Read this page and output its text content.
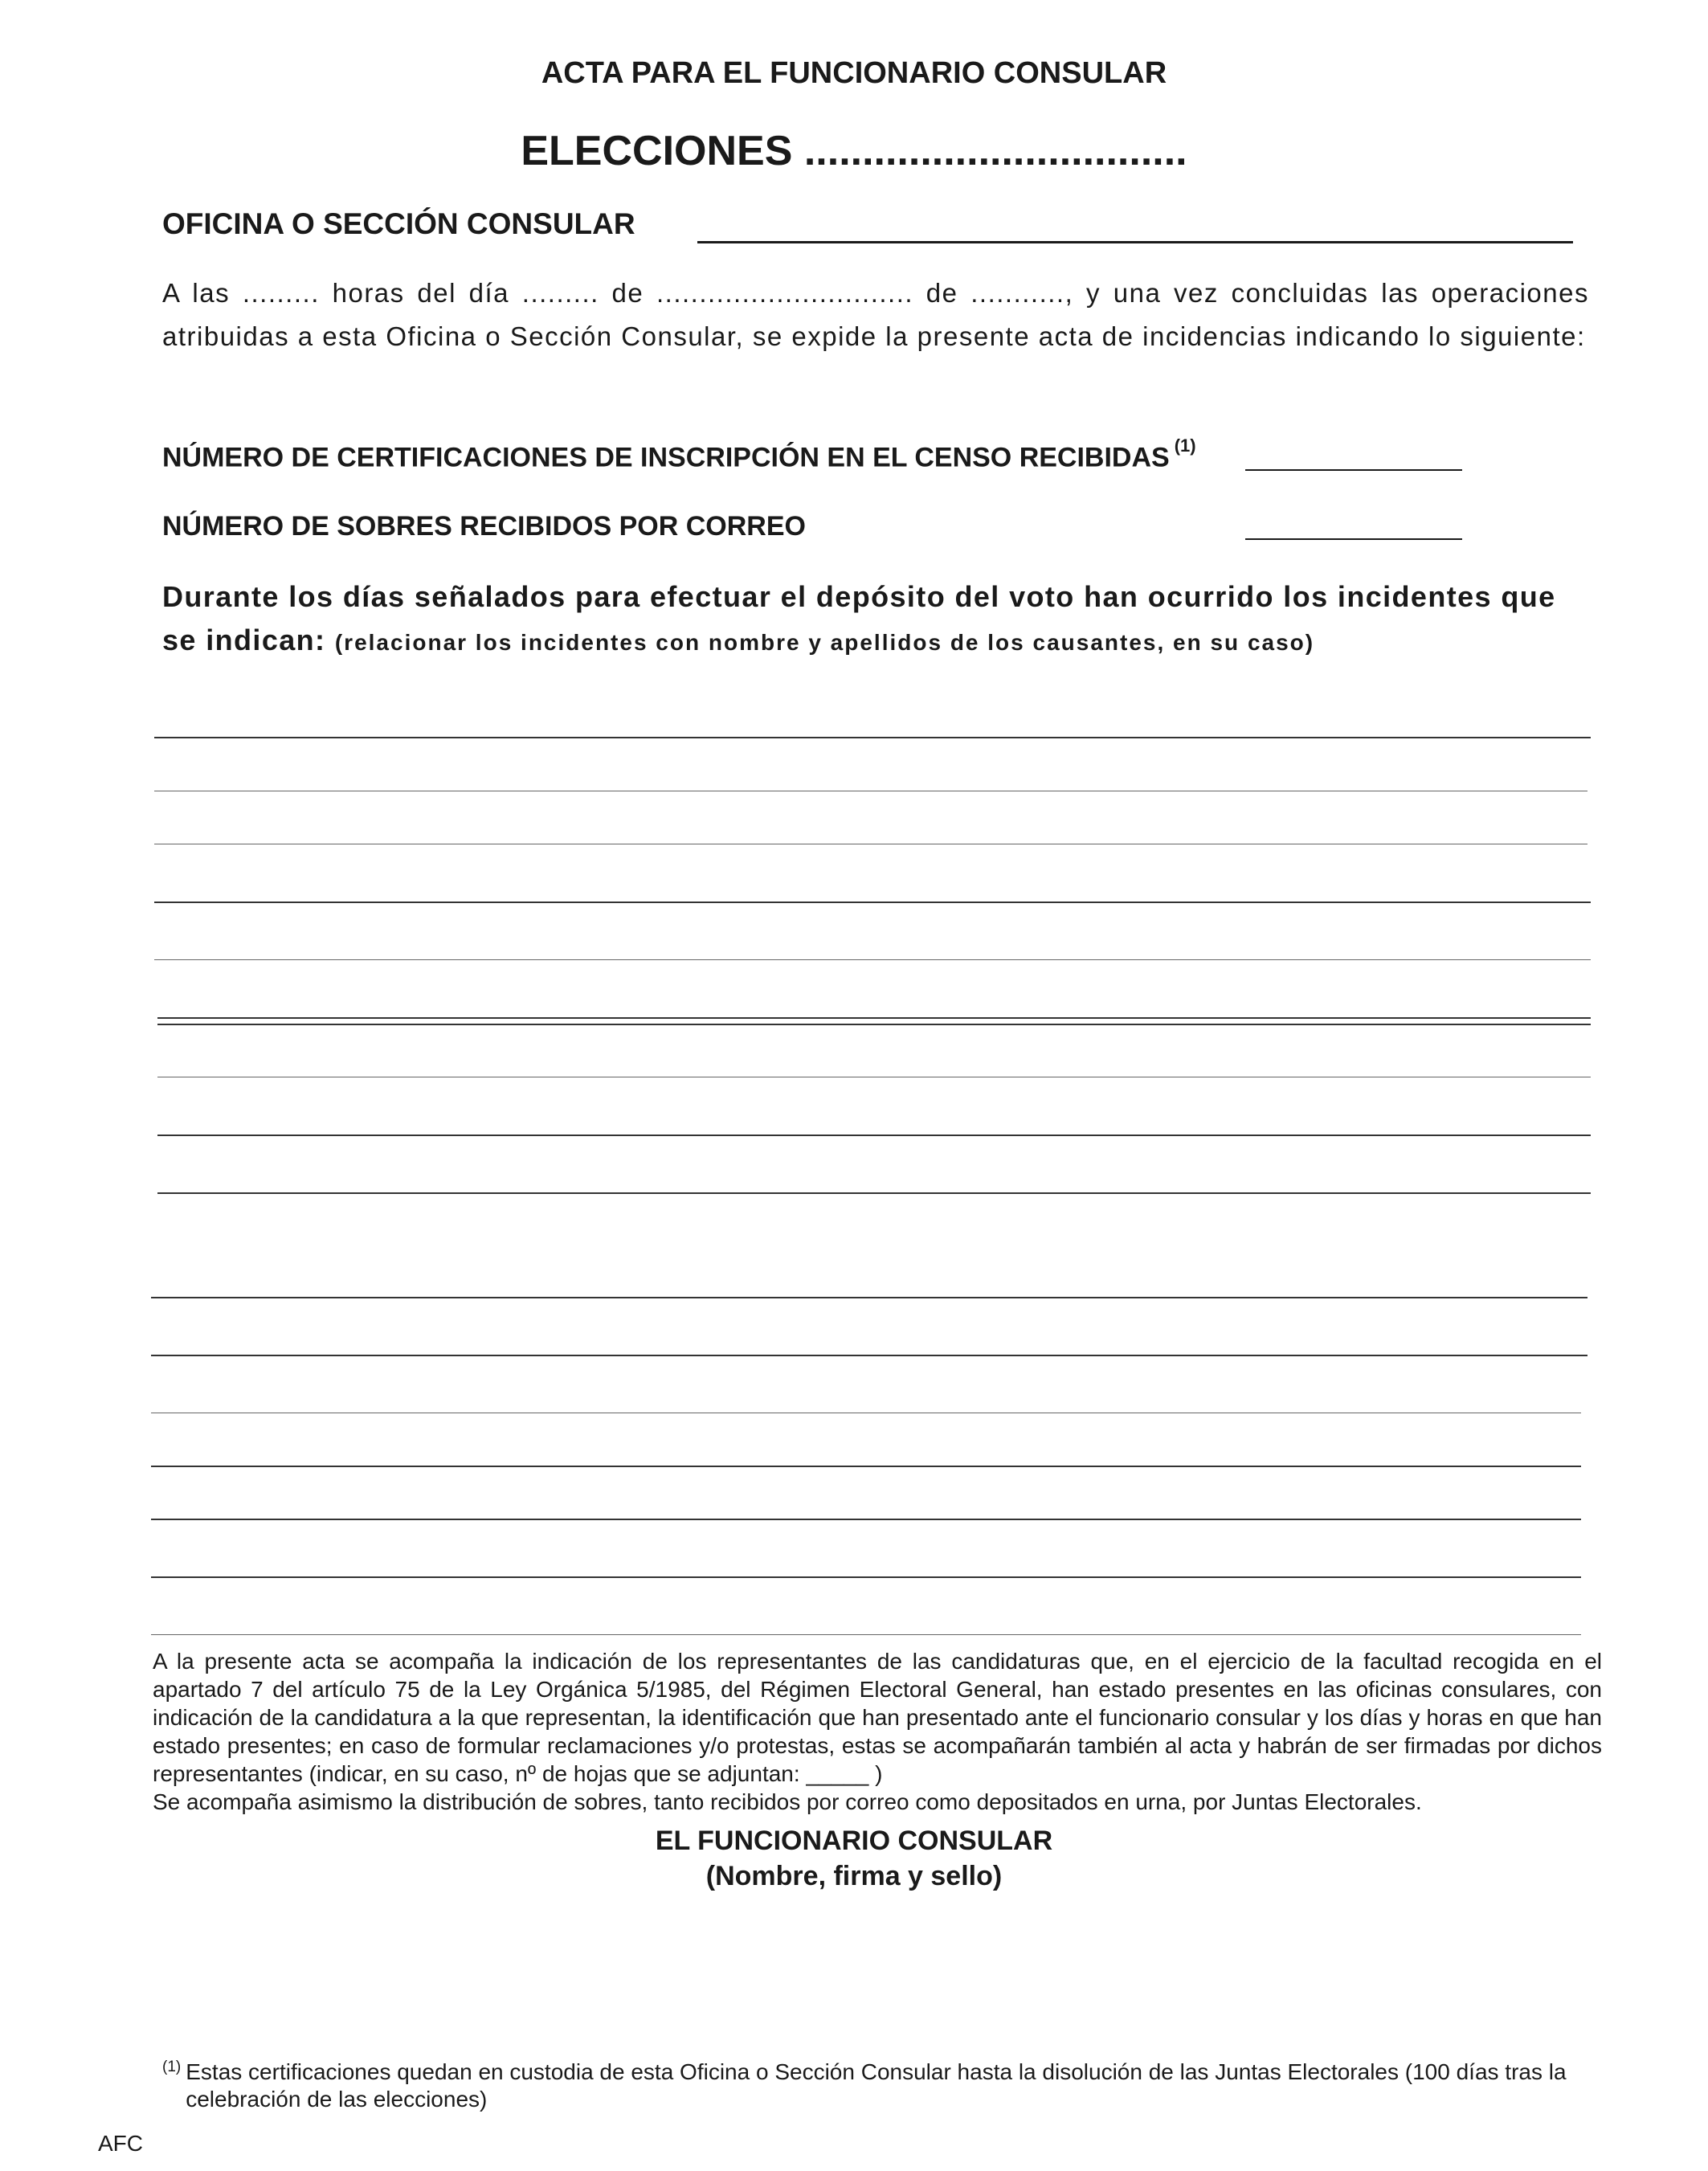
ACTA PARA EL FUNCIONARIO CONSULAR
ELECCIONES .................................
OFICINA O SECCIÓN CONSULAR
A las ......... horas del día ......... de .............................. de ..........., y una vez concluidas las operaciones atribuidas a esta Oficina o Sección Consular, se expide la presente acta de incidencias indicando lo siguiente:
NÚMERO DE CERTIFICACIONES DE INSCRIPCIÓN EN EL CENSO RECIBIDAS $^{(1)}$
NÚMERO DE SOBRES RECIBIDOS POR CORREO
Durante los días señalados para efectuar el depósito del voto han ocurrido los incidentes que se indican: (relacionar los incidentes con nombre y apellidos de los causantes, en su caso)

A la presente acta se acompaña la indicación de los representantes de las candidaturas que, en el ejercicio de la facultad recogida en el apartado 7 del artículo 75 de la Ley Orgánica 5/1985, del Régimen Electoral General, han estado presentes en las oficinas consulares, con indicación de la candidatura a la que representan, la identificación que han presentado ante el funcionario consular y los días y horas en que han estado presentes; en caso de formular reclamaciones y/o protestas, estas se acompañarán también al acta y habrán de ser firmadas por dichos representantes (indicar, en su caso, nº de hojas que se adjuntan: _____ )

Se acompaña asimismo la distribución de sobres, tanto recibidos por correo como depositados en urna, por Juntas Electorales.

EL FUNCIONARIO CONSULAR
(Nombre, firma y sello)
$^{(1)}$ Estas certificaciones quedan en custodia de esta Oficina o Sección Consular hasta la disolución de las Juntas Electorales (100 días tras la celebración de las elecciones)
AFC
